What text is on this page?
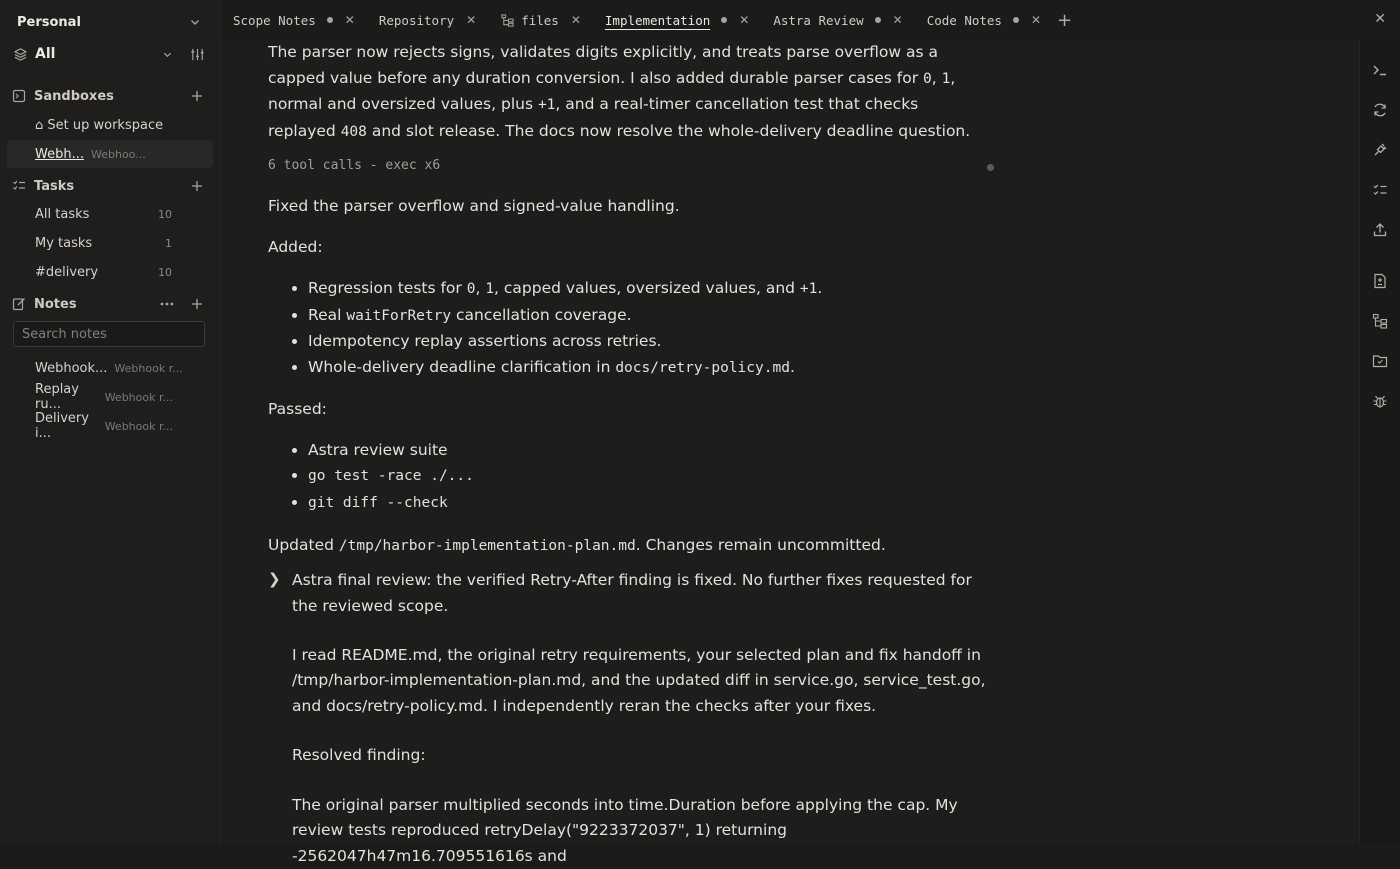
Personal
All
Sandboxes
⌂ Set up workspace
Webh... Webhoo...
Tasks
All tasks	10
My tasks	1
#delivery	10
Notes
Search notes
Webhook... Webhook r...
Replay ru...	Webhook r...
Delivery i...	Webhook r...
Scope Notes ✕ Repository ✕	files ✕ Implementation ✕ Astra Review ✕ Code Notes ✕ +	✕

The parser now rejects signs, validates digits explicitly, and treats parse overflow as a capped value before any duration conversion. I also added durable parser cases for 0, 1, normal and oversized values, plus +1, and a real-timer cancellation test that checks replayed 408 and slot release. The docs now resolve the whole-delivery deadline question.

6 tool calls - exec x6

Fixed the parser overflow and signed-value handling.

Added:

• Regression tests for 0, 1, capped values, oversized values, and +1.
• Real waitForRetry cancellation coverage.
• Idempotency replay assertions across retries.
• Whole-delivery deadline clarification in docs/retry-policy.md.

Passed:

• Astra review suite
• go test -race ./...
• git diff --check

Updated /tmp/harbor-implementation-plan.md. Changes remain uncommitted.

❯ Astra final review: the verified Retry-After finding is fixed. No further fixes requested for the reviewed scope.

I read README.md, the original retry requirements, your selected plan and fix handoff in /tmp/harbor-implementation-plan.md, and the updated diff in service.go, service_test.go, and docs/retry-policy.md. I independently reran the checks after your fixes.

Resolved finding:

The original parser multiplied seconds into time.Duration before applying the cap. My review tests reproduced retryDelay("9223372037", 1) returning -2562047h47m16.709551616s and
